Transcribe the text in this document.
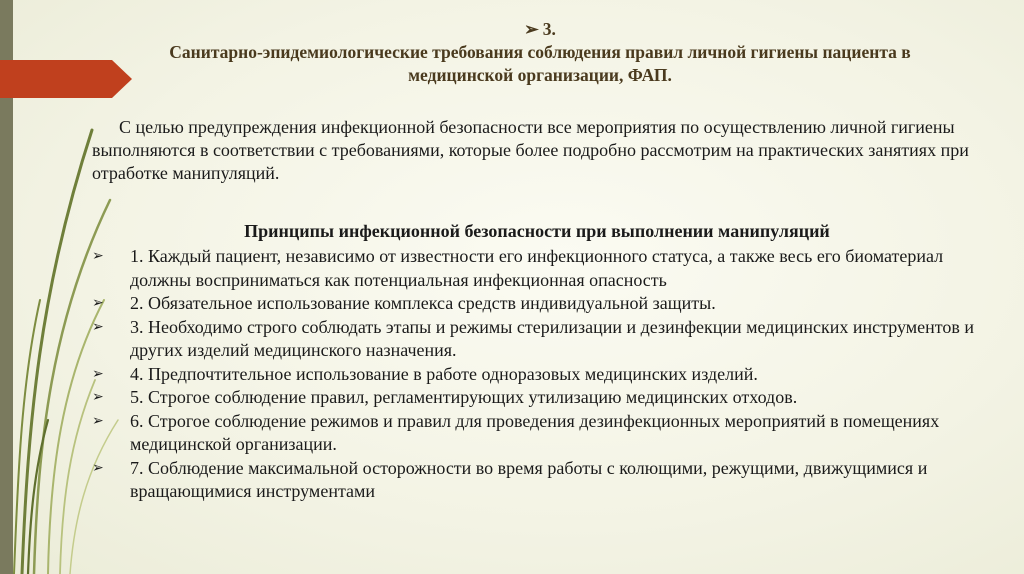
➢ 3.
Санитарно-эпидемиологические требования соблюдения правил личной гигиены пациента в медицинской организации, ФАП.
С целью предупреждения инфекционной безопасности все мероприятия по осуществлению личной гигиены выполняются в соответствии с требованиями, которые более подробно рассмотрим на практических занятиях при отработке манипуляций.
Принципы инфекционной безопасности при выполнении манипуляций
➢ 1. Каждый пациент, независимо от известности его инфекционного статуса, а также весь его биоматериал должны восприниматься как потенциальная инфекционная опасность
➢ 2. Обязательное использование комплекса средств индивидуальной защиты.
➢ 3. Необходимо строго соблюдать этапы и режимы стерилизации и дезинфекции медицинских инструментов и других изделий медицинского назначения.
➢ 4. Предпочтительное использование в работе одноразовых медицинских изделий.
➢ 5. Строгое соблюдение правил, регламентирующих утилизацию медицинских отходов.
➢ 6. Строгое соблюдение режимов и правил для проведения дезинфекционных мероприятий в помещениях медицинской организации.
➢ 7. Соблюдение максимальной осторожности во время работы с колющими, режущими, движущимися и вращающимися инструментами
